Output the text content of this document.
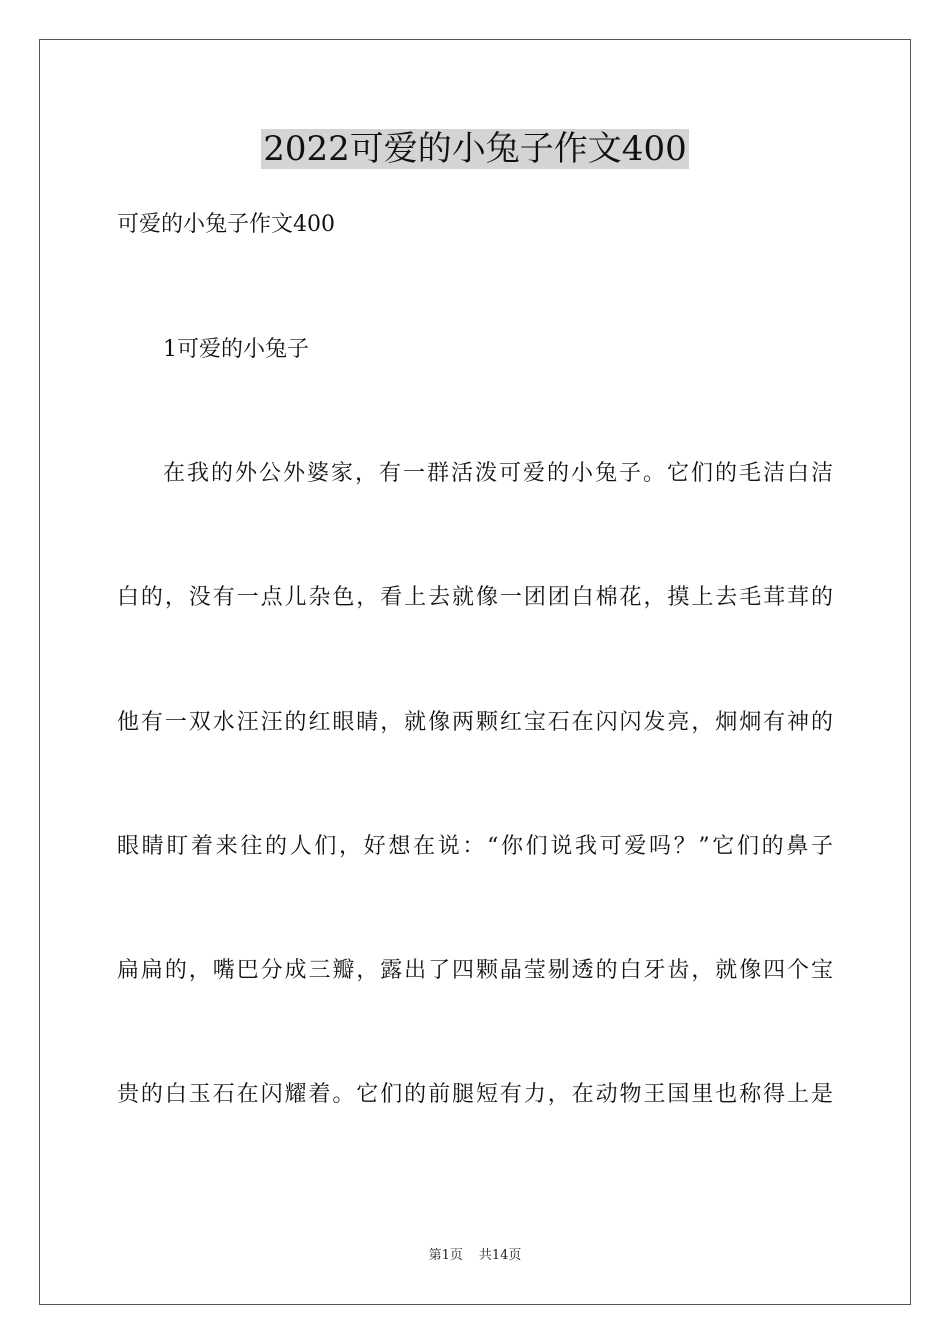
2022可爱的小兔子作文400
可爱的小兔子作文400
1可爱的小兔子
在我的外公外婆家，有一群活泼可爱的小兔子。它们的毛洁白洁
白的，没有一点儿杂色，看上去就像一团团白棉花，摸上去毛茸茸的
他有一双水汪汪的红眼睛，就像两颗红宝石在闪闪发亮，炯炯有神的
眼睛盯着来往的人们，好想在说：“你们说我可爱吗？”它们的鼻子
扁扁的，嘴巴分成三瓣，露出了四颗晶莹剔透的白牙齿，就像四个宝
贵的白玉石在闪耀着。它们的前腿短有力，在动物王国里也称得上是
第1页 共14页
